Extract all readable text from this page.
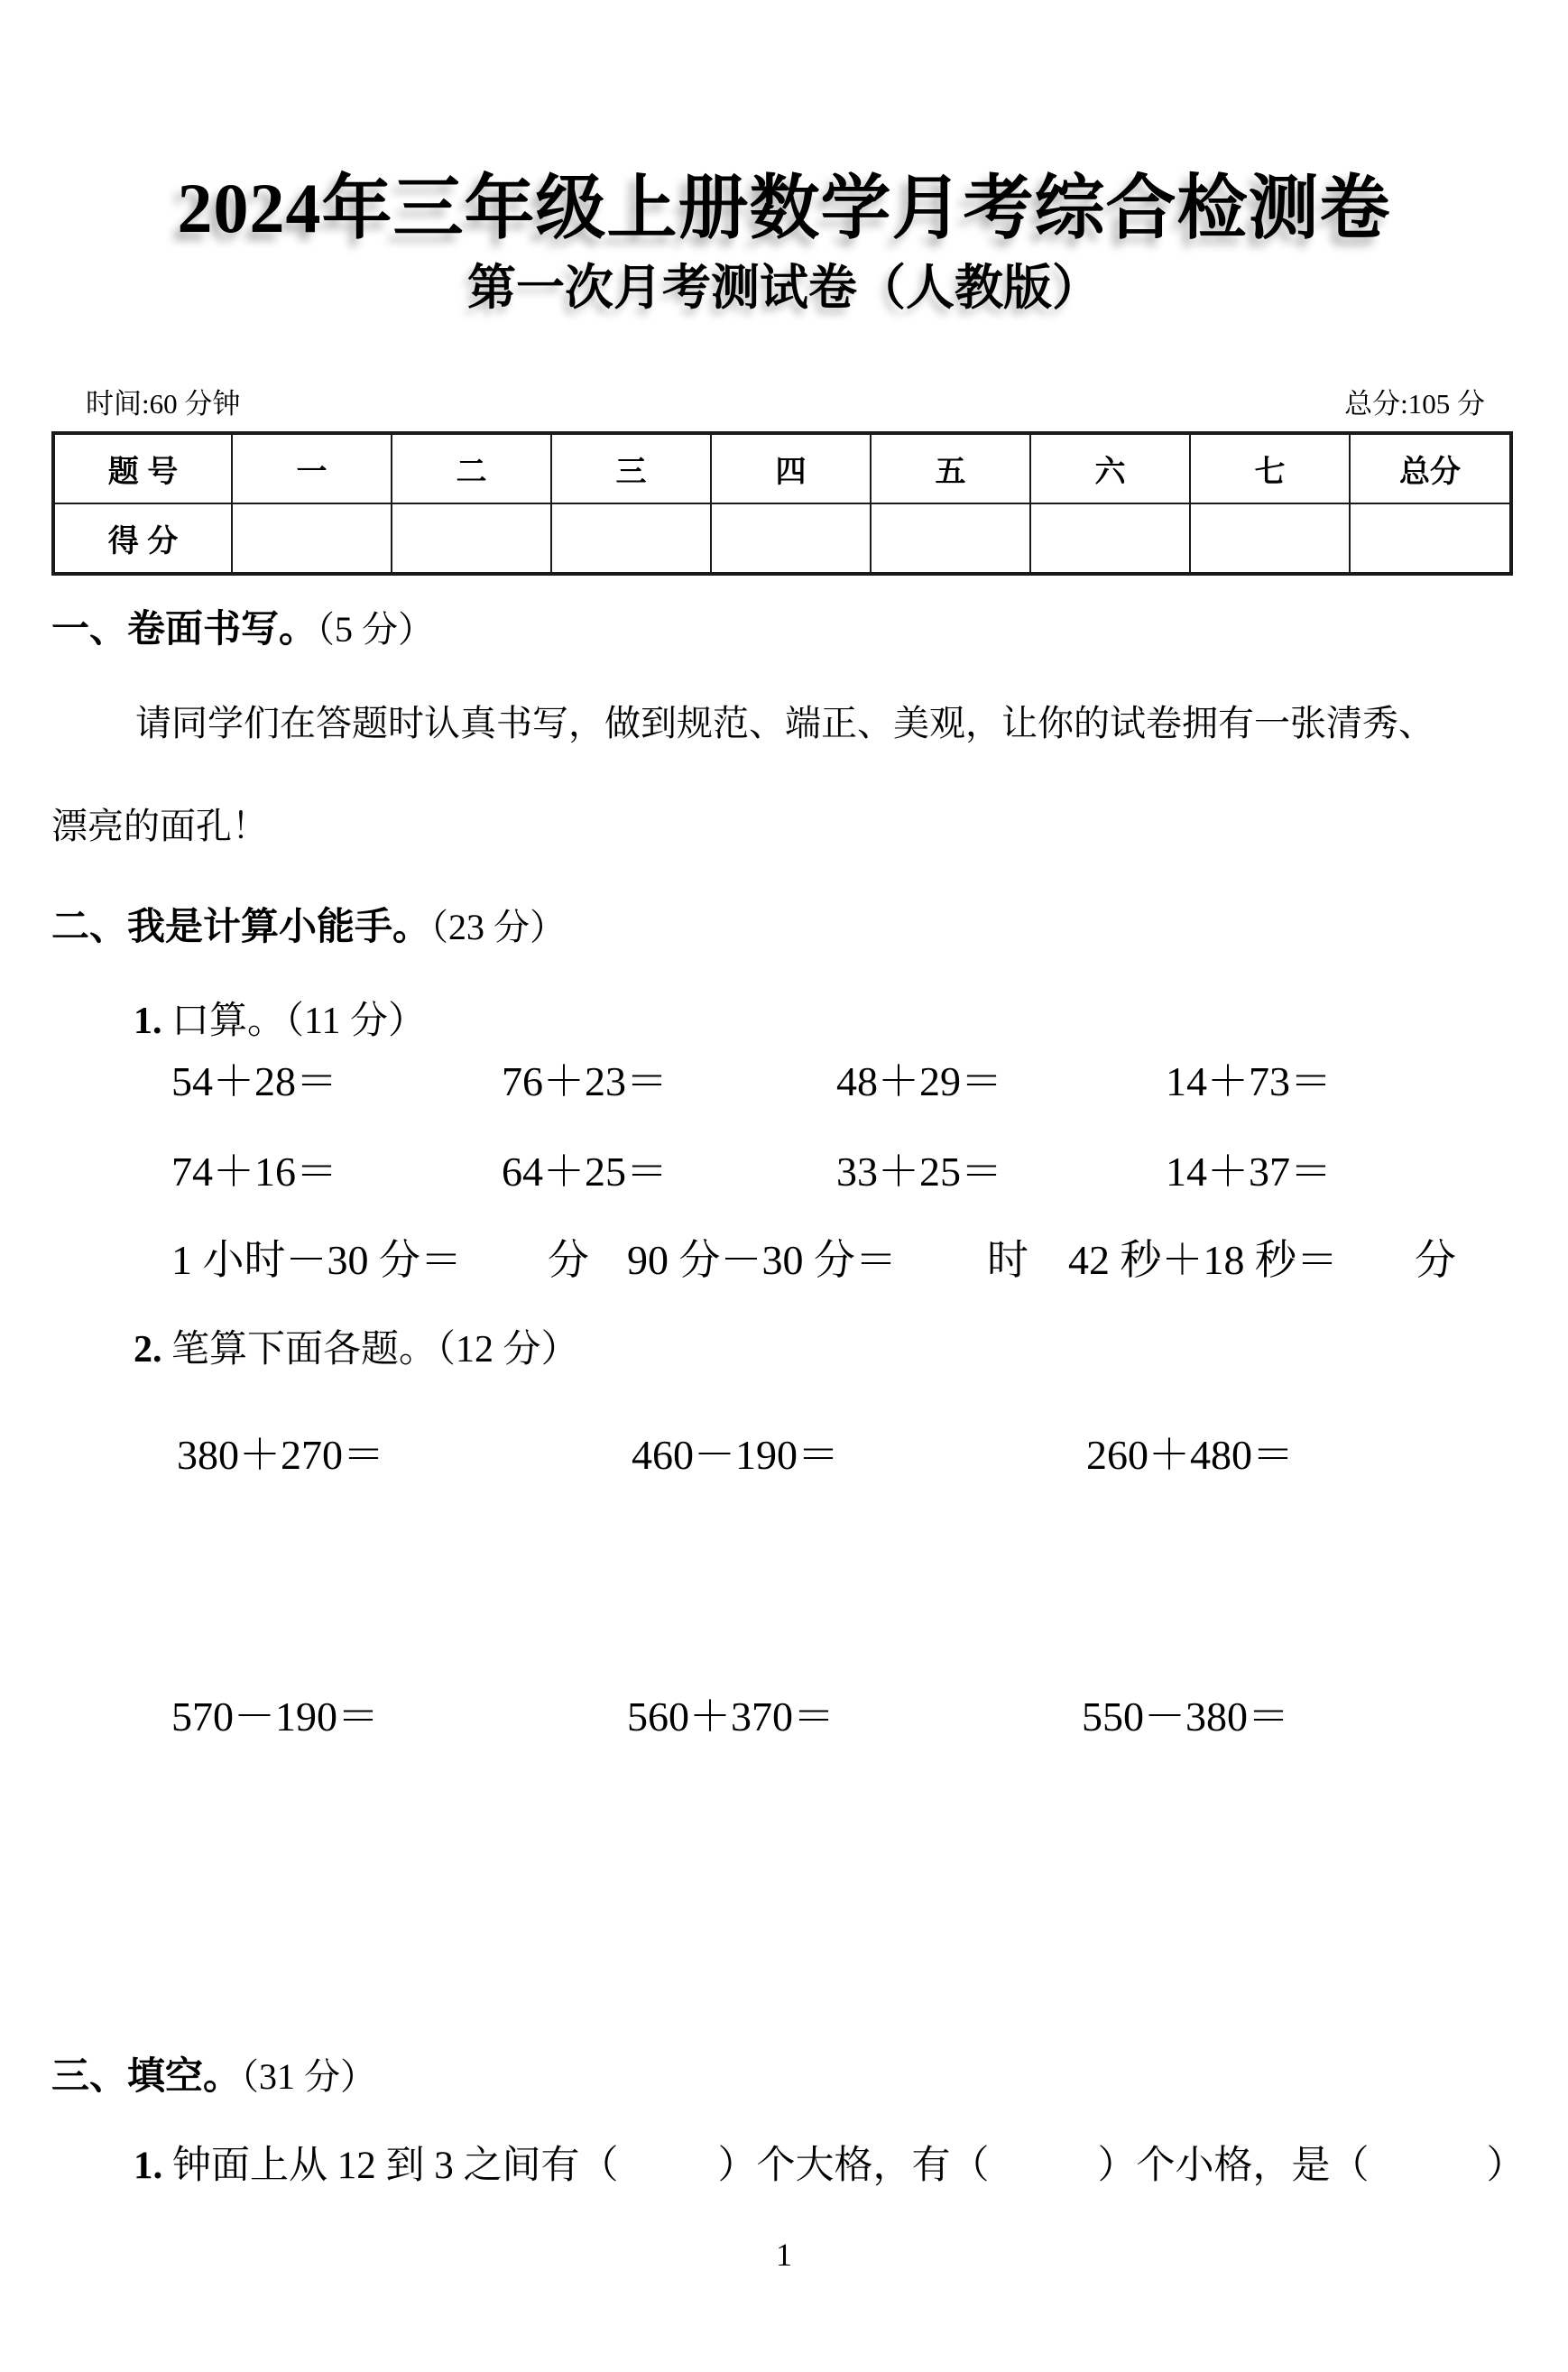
2024年三年级上册数学月考综合检测卷
第一次月考测试卷（人教版）
时间:60 分钟	总分:105 分
题 号	一	二	三	四	五	六	七	总分
得 分								
一、卷面书写。（5 分）
请同学们在答题时认真书写，做到规范、端正、美观，让你的试卷拥有一张清秀、
漂亮的面孔！
二、我是计算小能手。（23 分）
1. 口算。（11 分）
54＋28＝	76＋23＝	48＋29＝	14＋73＝
74＋16＝	64＋25＝	33＋25＝	14＋37＝
1 小时－30 分＝ 分 90 分－30 分＝ 时 42 秒＋18 秒＝ 分
2. 笔算下面各题。（12 分）
380＋270＝	460－190＝	260＋480＝
570－190＝	560＋370＝	550－380＝
三、填空。（31 分）
1. 钟面上从 12 到 3 之间有（	）个大格，有（	）个小格，是（	）
1
